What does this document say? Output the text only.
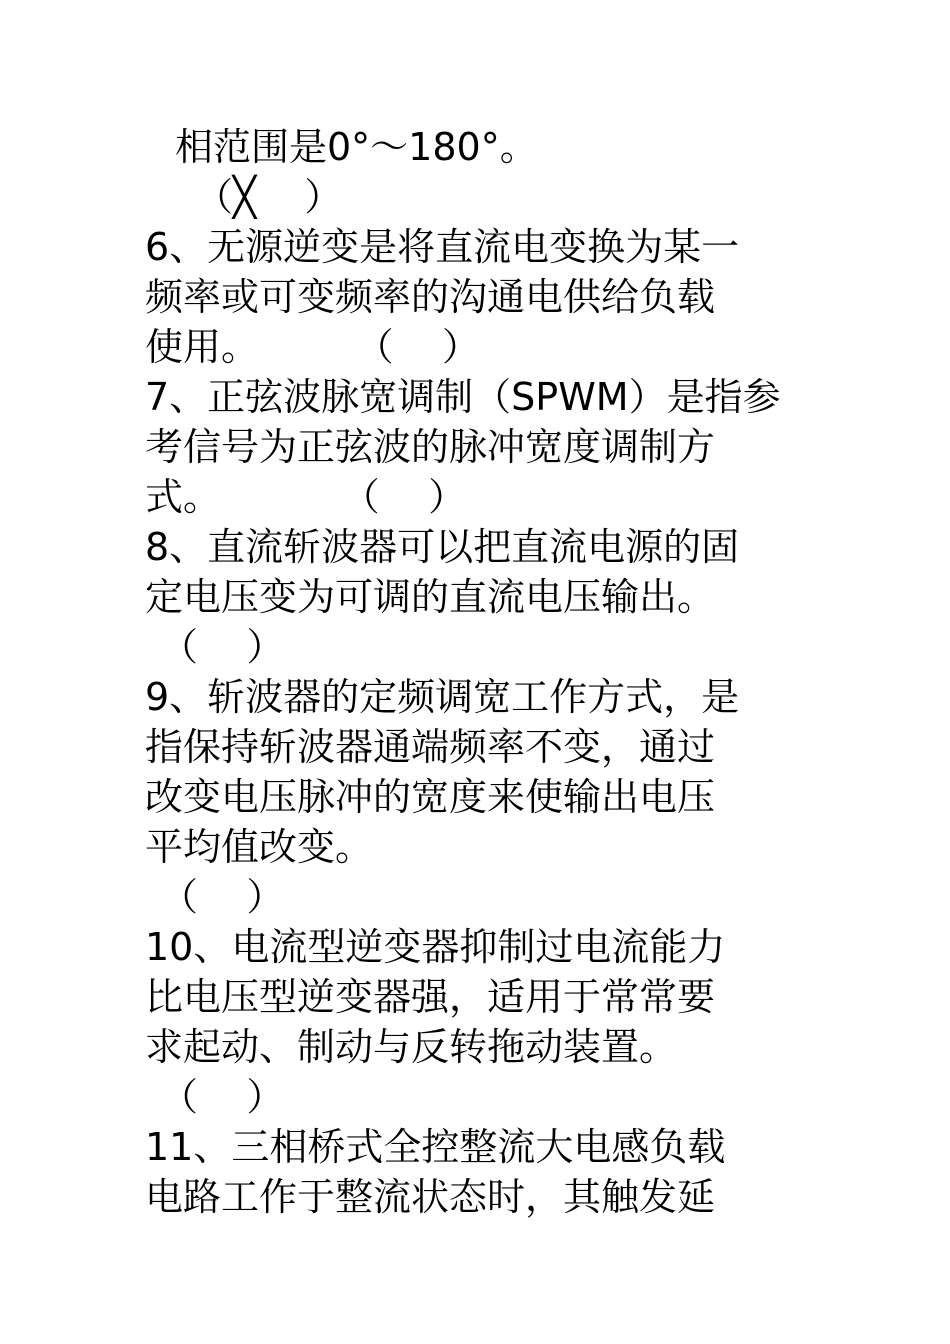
相范围是0°～180°。
（╳    ）
6、无源逆变是将直流电变换为某一
频率或可变频率的沟通电供给负载
使用。        （    ）
7、正弦波脉宽调制（SPWM）是指参
考信号为正弦波的脉冲宽度调制方
式。          （    ）
8、直流斩波器可以把直流电源的固
定电压变为可调的直流电压输出。
（    ）
9、斩波器的定频调宽工作方式，是
指保持斩波器通端频率不变，通过
改变电压脉冲的宽度来使输出电压
平均值改变。
（    ）
10、电流型逆变器抑制过电流能力
比电压型逆变器强，适用于常常要
求起动、制动与反转拖动装置。
（    ）
11、三相桥式全控整流大电感负载
电路工作于整流状态时，其触发延
